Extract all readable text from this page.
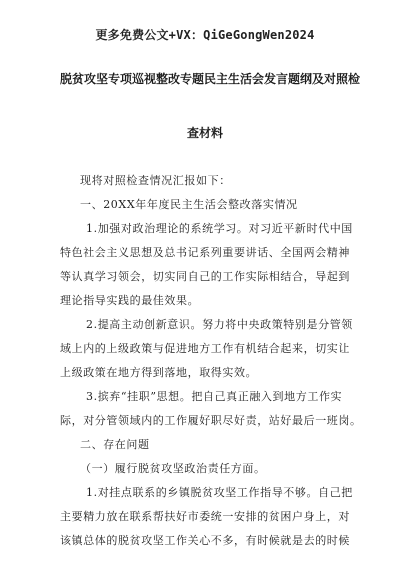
更多免费公文+VX：QiGeGongWen2024
脱贫攻坚专项巡视整改专题民主生活会发言题纲及对照检
查材料
现将对照检查情况汇报如下：
一、20XX年年度民主生活会整改落实情况
1.加强对政治理论的系统学习。对习近平新时代中国
特色社会主义思想及总书记系列重要讲话、全国两会精神
等认真学习领会，切实同自己的工作实际相结合，导起到
理论指导实践的最佳效果。
2.提高主动创新意识。努力将中央政策特别是分管领
域上内的上级政策与促进地方工作有机结合起来，切实让
上级政策在地方得到落地，取得实效。
3.摈弃“挂职”思想。把自己真正融入到地方工作实
际，对分管领域内的工作履好职尽好责，站好最后一班岗。
二、存在问题
（一）履行脱贫攻坚政治责任方面。
1.对挂点联系的乡镇脱贫攻坚工作指导不够。自己把
主要精力放在联系帮扶好市委统一安排的贫困户身上，对
该镇总体的脱贫攻坚工作关心不多，有时候就是去的时候
